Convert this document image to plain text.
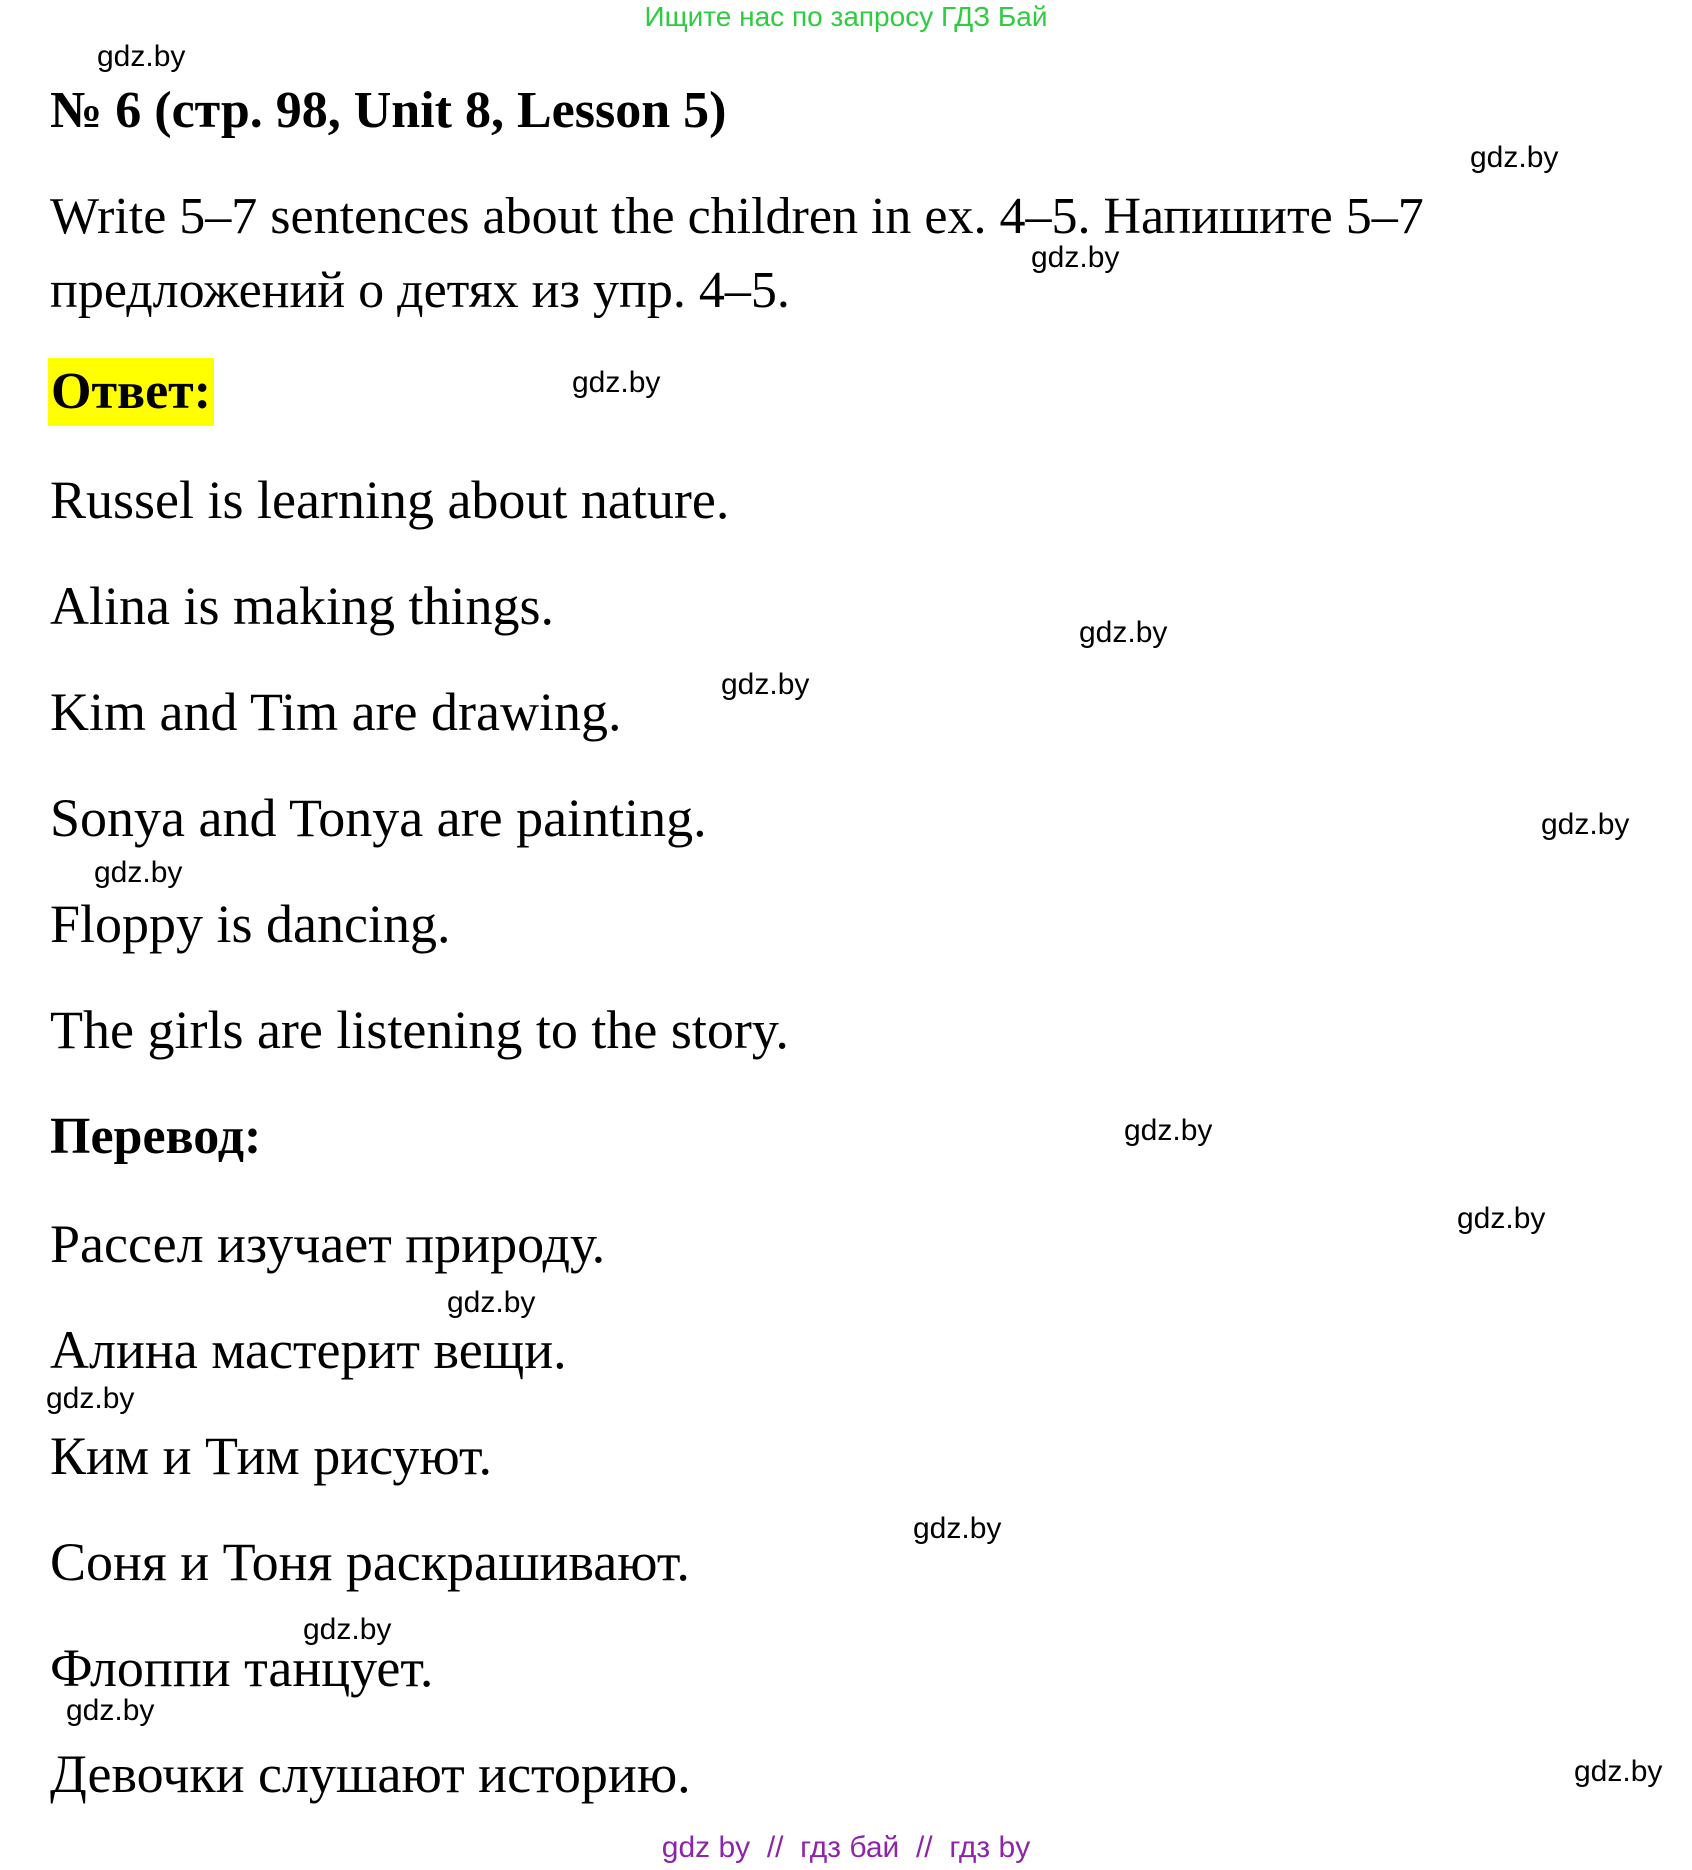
Ищите нас по запросу ГДЗ Бай
№ 6 (стр. 98, Unit 8, Lesson 5)
Write 5–7 sentences about the children in ex. 4–5. Напишите 5–7 предложений о детях из упр. 4–5.
Ответ:
Russel is learning about nature.
Alina is making things.
Kim and Tim are drawing.
Sonya and Tonya are painting.
Floppy is dancing.
The girls are listening to the story.
Перевод:
Рассел изучает природу.
Алина мастерит вещи.
Ким и Тим рисуют.
Соня и Тоня раскрашивают.
Флоппи танцует.
Девочки слушают историю.
gdz.by
gdz.by
gdz.by
gdz.by
gdz.by
gdz.by
gdz.by
gdz.by
gdz.by
gdz.by
gdz.by
gdz.by
gdz.by
gdz.by
gdz.by
gdz.by
gdz by  //  гдз бай  //  гдз by
